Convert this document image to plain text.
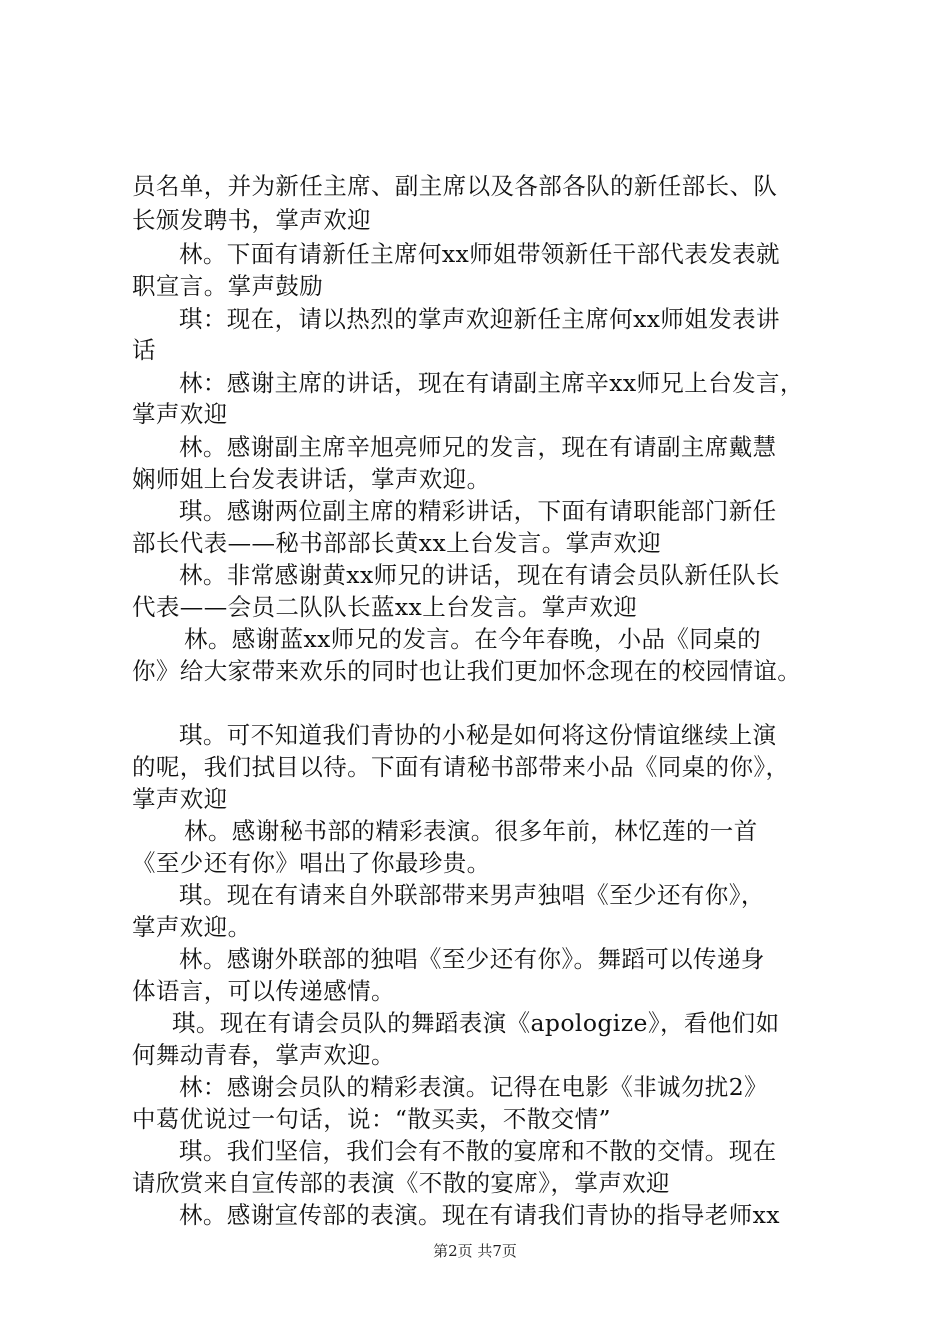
员名单，并为新任主席、副主席以及各部各队的新任部长、队
长颁发聘书，掌声欢迎
林。下面有请新任主席何xx师姐带领新任干部代表发表就
职宣言。掌声鼓励
琪：现在，请以热烈的掌声欢迎新任主席何xx师姐发表讲
话
林：感谢主席的讲话，现在有请副主席辛xx师兄上台发言，
掌声欢迎
林。感谢副主席辛旭亮师兄的发言，现在有请副主席戴慧
娴师姐上台发表讲话，掌声欢迎。
琪。感谢两位副主席的精彩讲话，下面有请职能部门新任
部长代表——秘书部部长黄xx上台发言。掌声欢迎
林。非常感谢黄xx师兄的讲话，现在有请会员队新任队长
代表——会员二队队长蓝xx上台发言。掌声欢迎
林。感谢蓝xx师兄的发言。在今年春晚，小品《同桌的
你》给大家带来欢乐的同时也让我们更加怀念现在的校园情谊。
琪。可不知道我们青协的小秘是如何将这份情谊继续上演
的呢，我们拭目以待。下面有请秘书部带来小品《同桌的你》，
掌声欢迎
林。感谢秘书部的精彩表演。很多年前，林忆莲的一首
《至少还有你》唱出了你最珍贵。
琪。现在有请来自外联部带来男声独唱《至少还有你》，
掌声欢迎。
林。感谢外联部的独唱《至少还有你》。舞蹈可以传递身
体语言，可以传递感情。
琪。现在有请会员队的舞蹈表演《apologize》，看他们如
何舞动青春，掌声欢迎。
林：感谢会员队的精彩表演。记得在电影《非诚勿扰2》
中葛优说过一句话，说：“散买卖，不散交情”
琪。我们坚信，我们会有不散的宴席和不散的交情。现在
请欣赏来自宣传部的表演《不散的宴席》，掌声欢迎
林。感谢宣传部的表演。现在有请我们青协的指导老师xx
第2页 共7页
